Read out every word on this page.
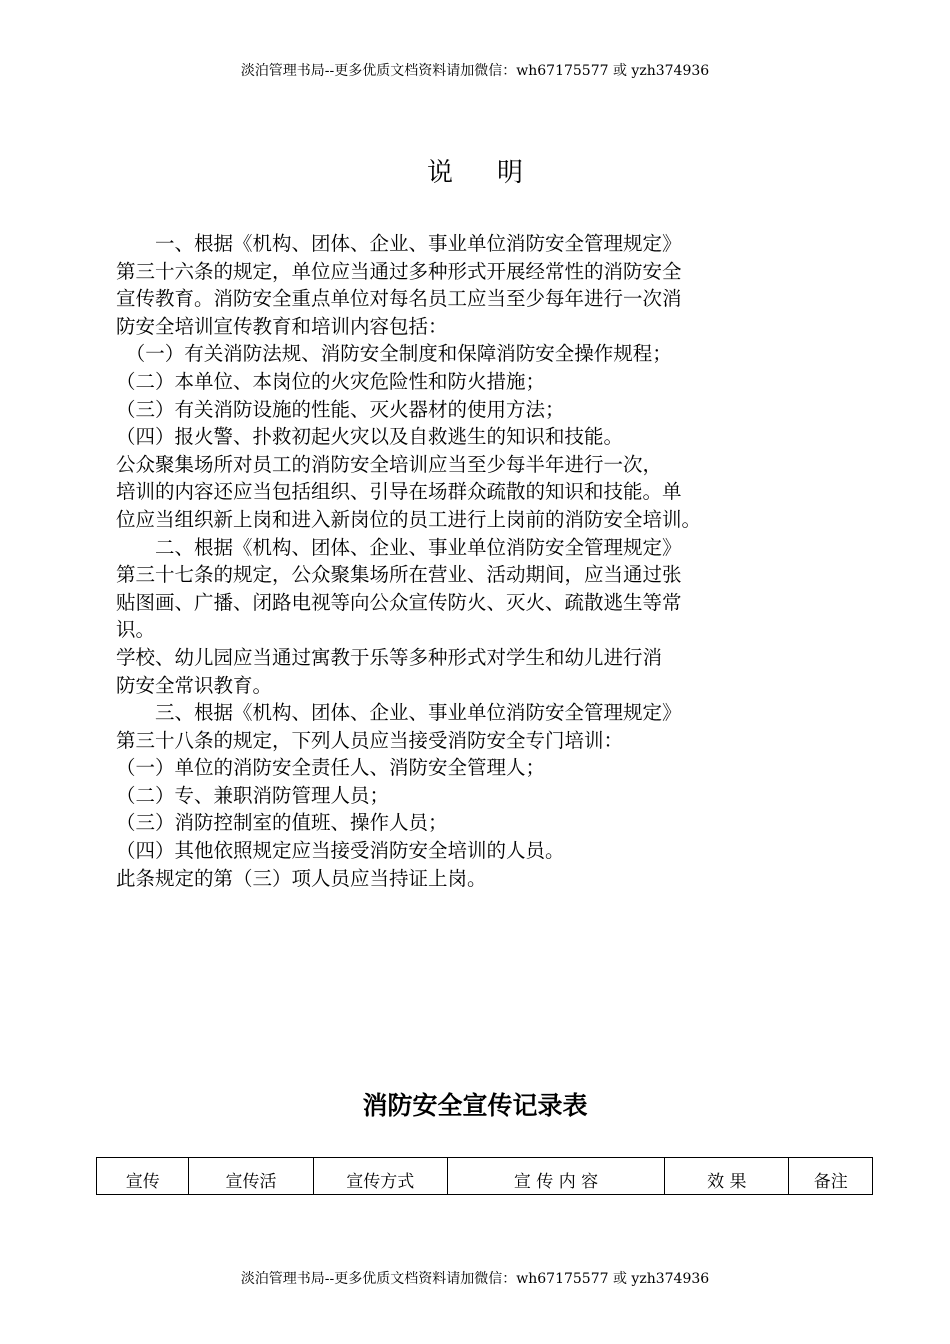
淡泊管理书局--更多优质文档资料请加微信：wh67175577 或 yzh374936
说明
　　一、根据《机构、团体、企业、事业单位消防安全管理规定》
第三十六条的规定，单位应当通过多种形式开展经常性的消防安全
宣传教育。消防安全重点单位对每名员工应当至少每年进行一次消
防安全培训宣传教育和培训内容包括：
　（一）有关消防法规、消防安全制度和保障消防安全操作规程；
（二）本单位、本岗位的火灾危险性和防火措施；
（三）有关消防设施的性能、灭火器材的使用方法；
（四）报火警、扑救初起火灾以及自救逃生的知识和技能。
公众聚集场所对员工的消防安全培训应当至少每半年进行一次，
培训的内容还应当包括组织、引导在场群众疏散的知识和技能。单
位应当组织新上岗和进入新岗位的员工进行上岗前的消防安全培训。
　　二、根据《机构、团体、企业、事业单位消防安全管理规定》
第三十七条的规定，公众聚集场所在营业、活动期间，应当通过张
贴图画、广播、闭路电视等向公众宣传防火、灭火、疏散逃生等常
识。
学校、幼儿园应当通过寓教于乐等多种形式对学生和幼儿进行消
防安全常识教育。
　　三、根据《机构、团体、企业、事业单位消防安全管理规定》
第三十八条的规定，下列人员应当接受消防安全专门培训：
（一）单位的消防安全责任人、消防安全管理人；
（二）专、兼职消防管理人员；
（三）消防控制室的值班、操作人员；
（四）其他依照规定应当接受消防安全培训的人员。
此条规定的第（三）项人员应当持证上岗。
消防安全宣传记录表
宣传	宣传活	宣传方式	宣 传 内 容	效 果	备注
淡泊管理书局--更多优质文档资料请加微信：wh67175577 或 yzh374936
